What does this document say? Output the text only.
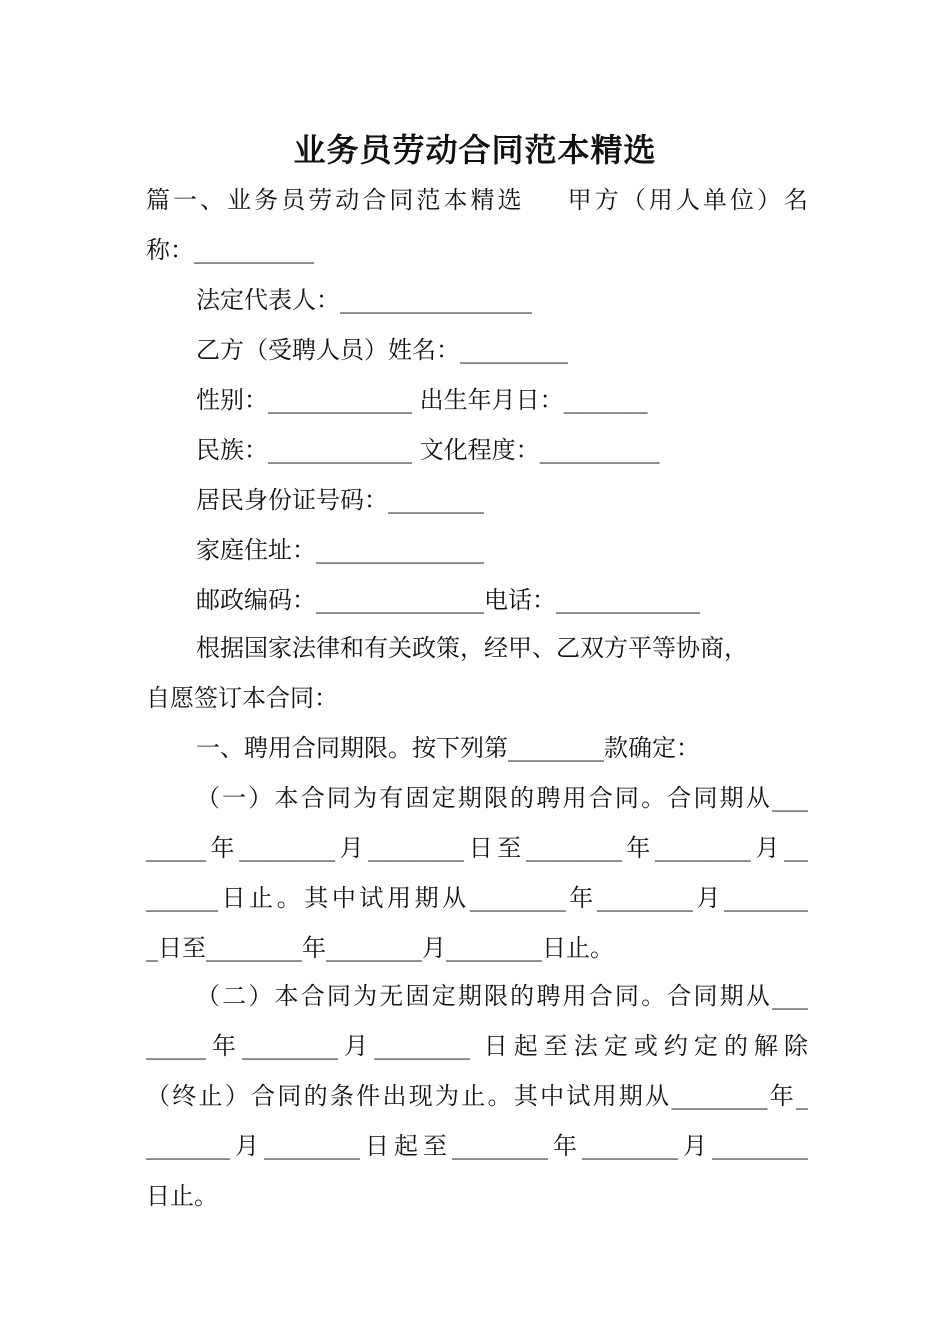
业务员劳动合同范本精选
篇一、业务员劳动合同范本精选 甲方（用人单位）名
称：__________
法定代表人：________________
乙方（受聘人员）姓名：_________
性别：____________ 出生年月日：_______
民族：____________ 文化程度：__________
居民身份证号码：________
家庭住址：______________
邮政编码：______________电话：____________
根据国家法律和有关政策，经甲、乙双方平等协商，
自愿签订本合同：
一、聘用合同期限。按下列第________款确定：
（一）本合同为有固定期限的聘用合同。合同期从___
_____年________月________日至________年________月__
______日止。其中试用期从________年________月_______
_日至________年________月________日止。
（二）本合同为无固定期限的聘用合同。合同期从___
_____年________月________ 日起至法定或约定的解除
（终止）合同的条件出现为止。其中试用期从________年_
_______月________日起至________年________月________
日止。
